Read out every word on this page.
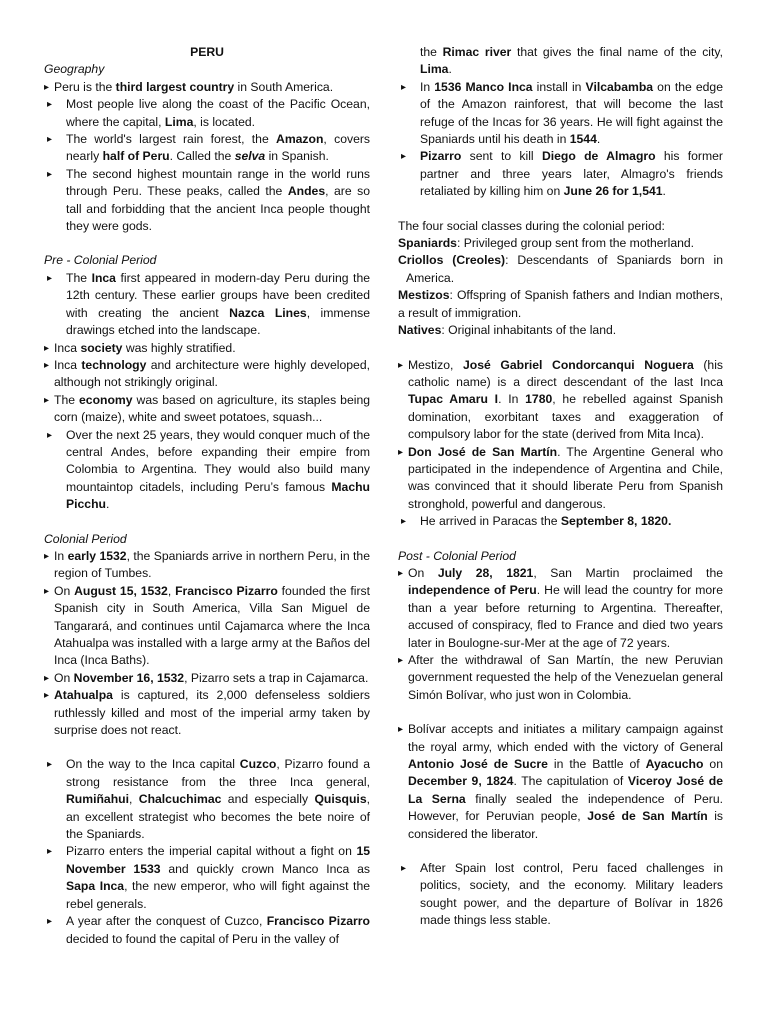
PERU

Geography

▸ Peru is the third largest country in South America.

▸ Most people live along the coast of the Pacific Ocean, where the capital, Lima, is located.

▸ The world's largest rain forest, the Amazon, covers nearly half of Peru. Called the selva in Spanish.

▸ The second highest mountain range in the world runs through Peru. These peaks, called the Andes, are so tall and forbidding that the ancient Inca people thought they were gods.

Pre - Colonial Period

▸ The Inca first appeared in modern-day Peru during the 12th century. These earlier groups have been credited with creating the ancient Nazca Lines, immense drawings etched into the landscape.

▸ Inca society was highly stratified.

▸ Inca technology and architecture were highly developed, although not strikingly original.

▸ The economy was based on agriculture, its staples being corn (maize), white and sweet potatoes, squash...

▸ Over the next 25 years, they would conquer much of the central Andes, before expanding their empire from Colombia to Argentina. They would also build many mountaintop citadels, including Peru’s famous Machu Picchu.

Colonial Period

▸ In early 1532, the Spaniards arrive in northern Peru, in the region of Tumbes.

▸ On August 15, 1532, Francisco Pizarro founded the first Spanish city in South America, Villa San Miguel de Tangarará, and continues until Cajamarca where the Inca Atahualpa was installed with a large army at the Baños del Inca (Inca Baths).

▸ On November 16, 1532, Pizarro sets a trap in Cajamarca.

▸ Atahualpa is captured, its 2,000 defenseless soldiers ruthlessly killed and most of the imperial army taken by surprise does not react.

▸ On the way to the Inca capital Cuzco, Pizarro found a strong resistance from the three Inca general, Rumiñahui, Chalcuchimac and especially Quisquis, an excellent strategist who becomes the bete noire of the Spaniards.

▸ Pizarro enters the imperial capital without a fight on 15 November 1533 and quickly crown Manco Inca as Sapa Inca, the new emperor, who will fight against the rebel generals.

▸ A year after the conquest of Cuzco, Francisco Pizarro decided to found the capital of Peru in the valley of

the Rimac river that gives the final name of the city, Lima.

▸ In 1536 Manco Inca install in Vilcabamba on the edge of the Amazon rainforest, that will become the last refuge of the Incas for 36 years. He will fight against the Spaniards until his death in 1544.

▸ Pizarro sent to kill Diego de Almagro his former partner and three years later, Almagro's friends retaliated by killing him on June 26 for 1,541.

The four social classes during the colonial period:

Spaniards: Privileged group sent from the motherland.

Criollos (Creoles): Descendants of Spaniards born in America.

Mestizos: Offspring of Spanish fathers and Indian mothers, a result of immigration.

Natives: Original inhabitants of the land.

▸ Mestizo, José Gabriel Condorcanqui Noguera (his catholic name) is a direct descendant of the last Inca Tupac Amaru I. In 1780, he rebelled against Spanish domination, exorbitant taxes and exaggeration of compulsory labor for the state (derived from Mita Inca).

▸ Don José de San Martín. The Argentine General who participated in the independence of Argentina and Chile, was convinced that it should liberate Peru from Spanish stronghold, powerful and dangerous.

▸ He arrived in Paracas the September 8, 1820.

Post - Colonial Period

▸ On July 28, 1821, San Martin proclaimed the independence of Peru. He will lead the country for more than a year before returning to Argentina. Thereafter, accused of conspiracy, fled to France and died two years later in Boulogne-sur-Mer at the age of 72 years.

▸ After the withdrawal of San Martín, the new Peruvian government requested the help of the Venezuelan general Simón Bolívar, who just won in Colombia.

▸ Bolívar accepts and initiates a military campaign against the royal army, which ended with the victory of General Antonio José de Sucre in the Battle of Ayacucho on December 9, 1824. The capitulation of Viceroy José de La Serna finally sealed the independence of Peru. However, for Peruvian people, José de San Martín is considered the liberator.

▸ After Spain lost control, Peru faced challenges in politics, society, and the economy. Military leaders sought power, and the departure of Bolívar in 1826 made things less stable.
